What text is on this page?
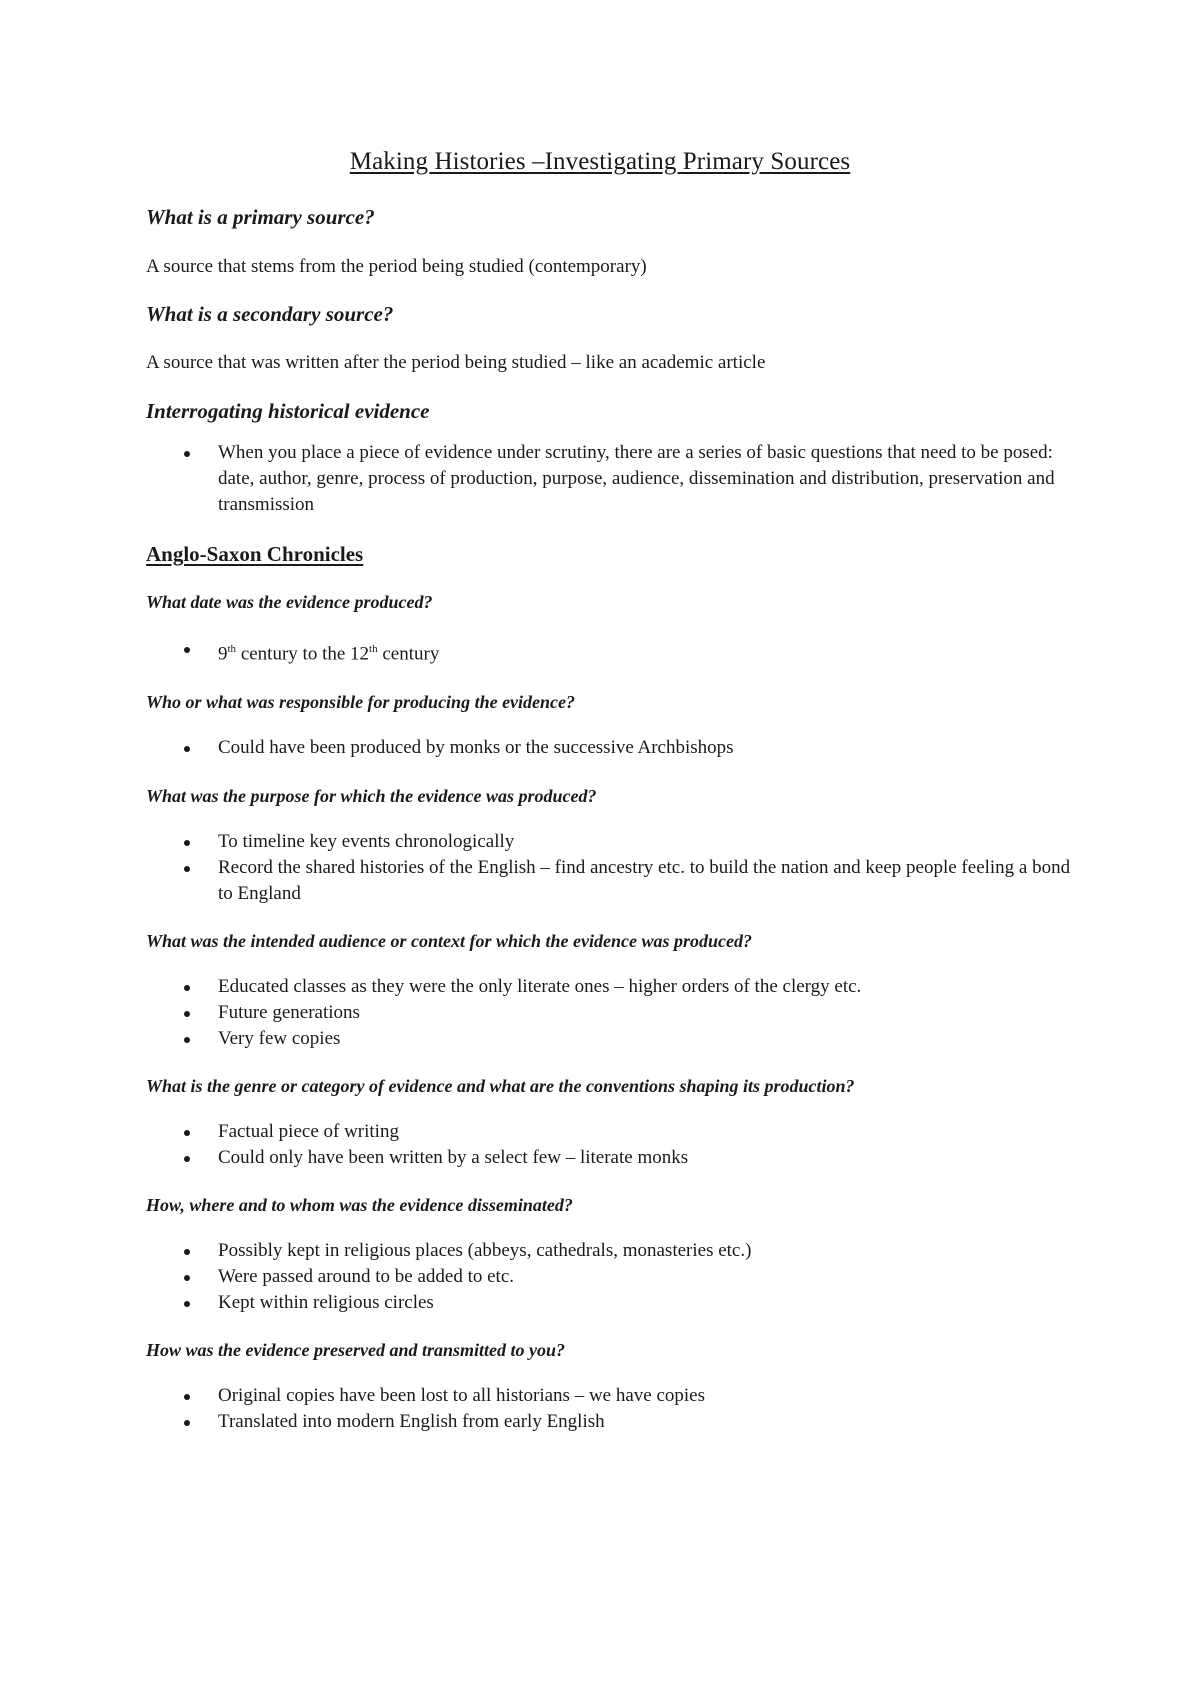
Making Histories –Investigating Primary Sources

What is a primary source?

A source that stems from the period being studied (contemporary)

What is a secondary source?

A source that was written after the period being studied – like an academic article

Interrogating historical evidence

When you place a piece of evidence under scrutiny, there are a series of basic questions that need to be posed: date, author, genre, process of production, purpose, audience, dissemination and distribution, preservation and transmission

Anglo-Saxon Chronicles

What date was the evidence produced?

9th century to the 12th century

Who or what was responsible for producing the evidence?

Could have been produced by monks or the successive Archbishops

What was the purpose for which the evidence was produced?

To timeline key events chronologically
Record the shared histories of the English – find ancestry etc. to build the nation and keep people feeling a bond to England

What was the intended audience or context for which the evidence was produced?

Educated classes as they were the only literate ones – higher orders of the clergy etc.
Future generations
Very few copies

What is the genre or category of evidence and what are the conventions shaping its production?

Factual piece of writing
Could only have been written by a select few – literate monks

How, where and to whom was the evidence disseminated?

Possibly kept in religious places (abbeys, cathedrals, monasteries etc.)
Were passed around to be added to etc.
Kept within religious circles

How was the evidence preserved and transmitted to you?

Original copies have been lost to all historians – we have copies
Translated into modern English from early English
